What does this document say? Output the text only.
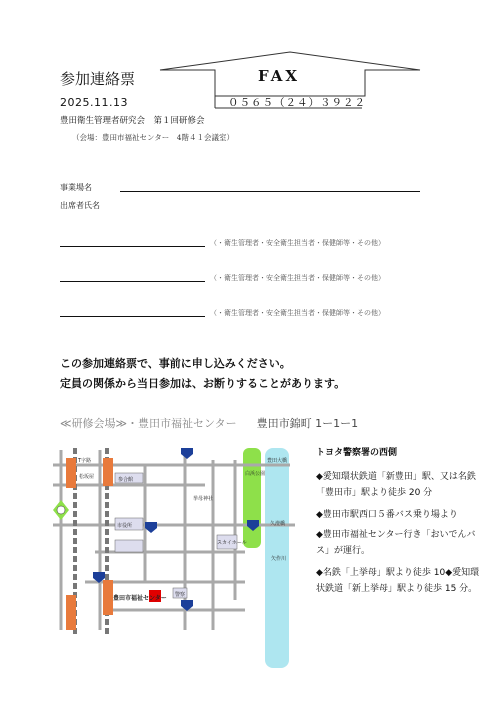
参加連絡票
2025.11.13
豊田衛生管理者研究会　第１回研修会
（会場：豊田市福祉センター　4階４１会議室）
FAX
０５６５（２４）３９２２
事業場名
出席者氏名
（・衛生管理者・安全衛生担当者・保健師等・その他）
（・衛生管理者・安全衛生担当者・保健師等・その他）
（・衛生管理者・安全衛生担当者・保健師等・その他）
この参加連絡票で、事前に申し込みください。
定員の関係から当日参加は、お断りすることがあります。
≪研修会場≫・豊田市福祉センター 豊田市錦町 1ー1ー1
T字路
松坂屋	参合館
市役所
挙母神社
スカイホール
白浜公園
豊田大橋
矢作川
久澄橋
警察
豊田市福祉センター
トヨタ警察署の西側
◆愛知環状鉄道「新豊田」駅、又は名鉄「豊田市」駅より徒歩 20 分
◆豊田市駅西口５番バス乗り場より
◆豊田市福祉センター行き「おいでんバス」が運行。
◆名鉄「上挙母」駅より徒歩 10◆愛知環状鉄道「新上挙母」駅より徒歩 15 分。
